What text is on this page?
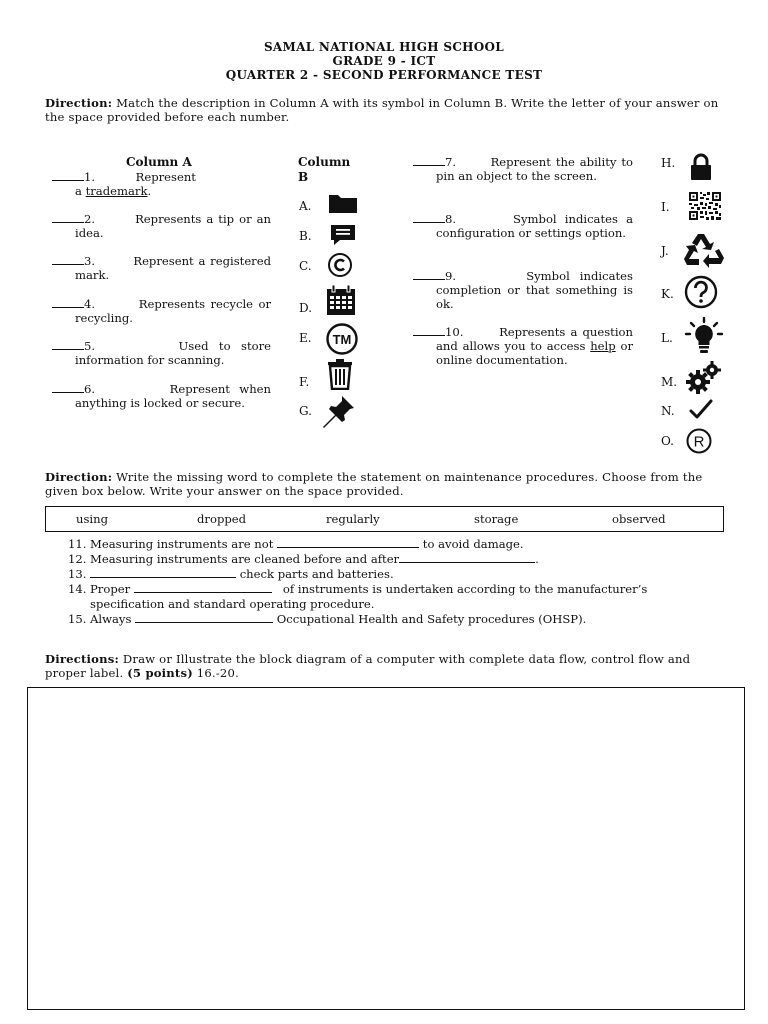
SAMAL NATIONAL HIGH SCHOOL
GRADE 9 - ICT
QUARTER 2 - SECOND PERFORMANCE TEST
Direction: Match the description in Column A with its symbol in Column B. Write the letter of your answer on the space provided before each number.
Column A	Column B
1.	Represent
a trademark.
2.	Represents a tip or an idea.
3.	Represent a registered mark.
4.	Represents recycle or recycling.
5.	Used to store information for scanning.
6.	Represent when anything is locked or secure.
7.	Represent the ability to pin an object to the screen.
8.	Symbol indicates a configuration or settings option.
9.	Symbol indicates completion or that something is ok.
10.	Represents a question and allows you to access help or online documentation.
A.
B.
C.
D.
E. TM
F.
G.
H.
I.
J.
K.
L.
M.
N.
O. R
Direction: Write the missing word to complete the statement on maintenance procedures. Choose from the given box below. Write your answer on the space provided.
using	dropped	regularly	storage	observed
11. Measuring instruments are not	to avoid damage.
12. Measuring instruments are cleaned before and after	.
13.	check parts and batteries.
14. Proper	of instruments is undertaken according to the manufacturer’s
specification and standard operating procedure.
15. Always	Occupational Health and Safety procedures (OHSP).
Directions: Draw or Illustrate the block diagram of a computer with complete data flow, control flow and proper label. (5 points) 16.-20.
